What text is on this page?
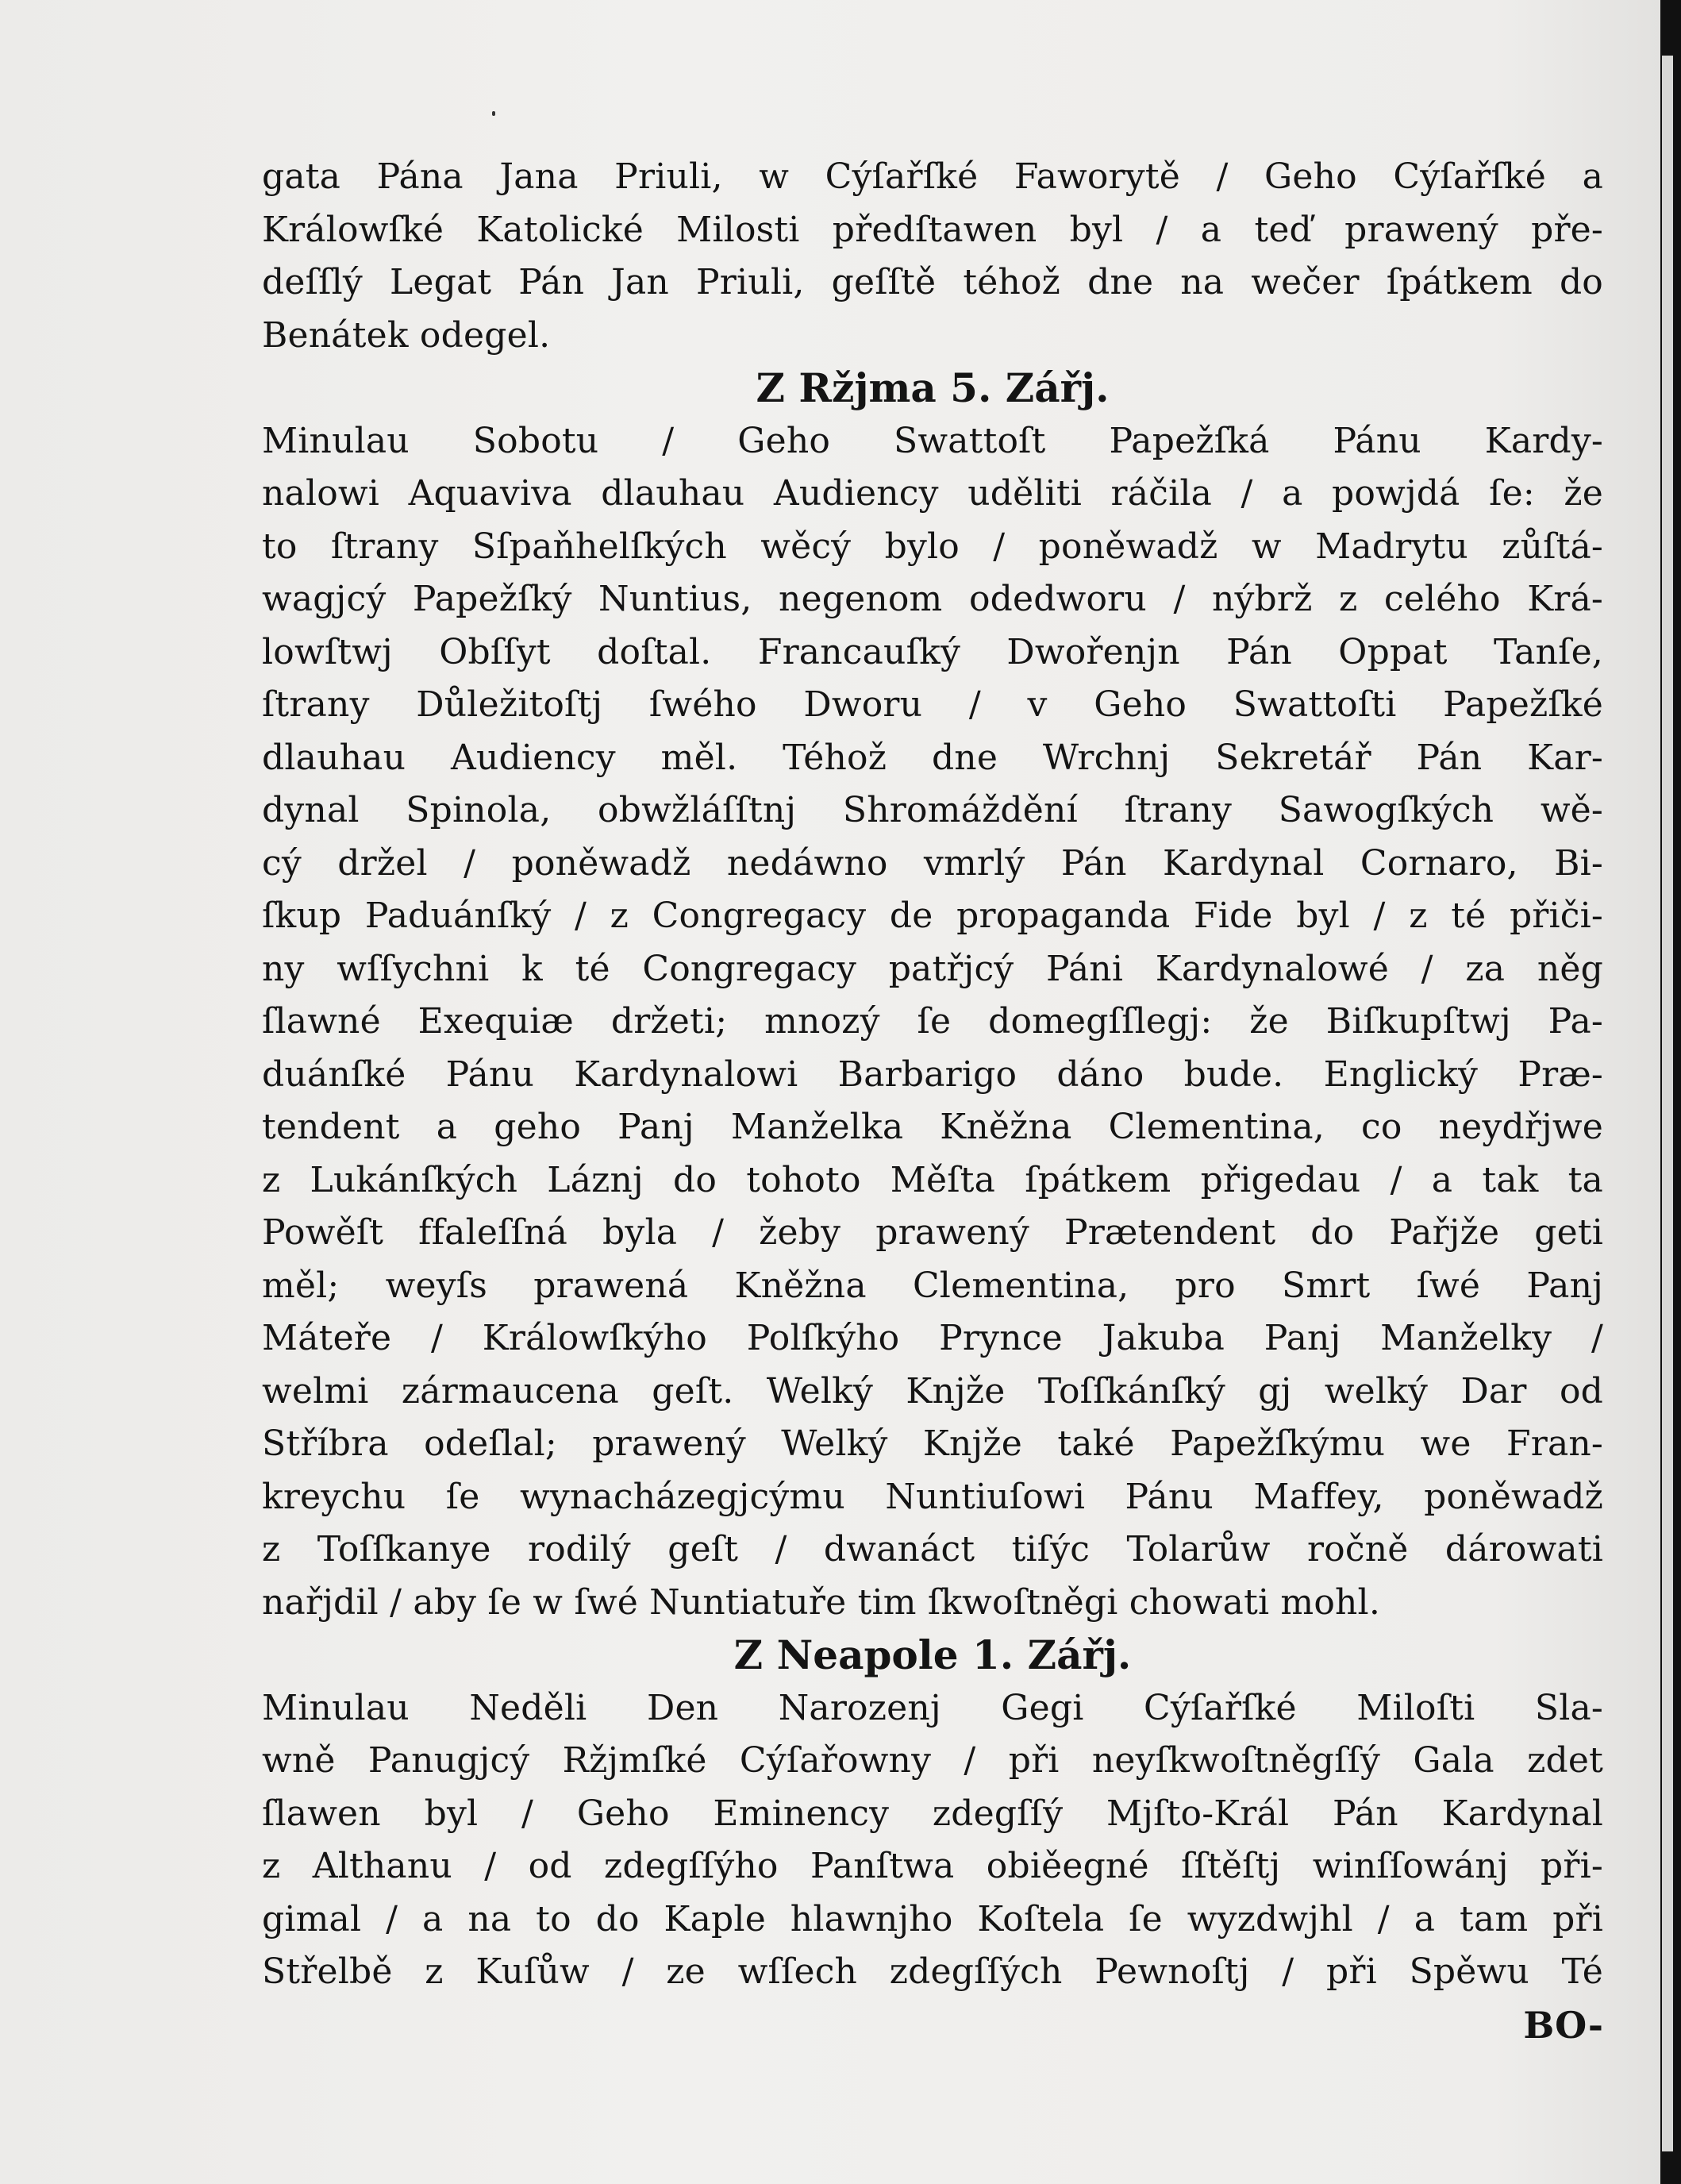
gata Pána Jana Priuli, w Cýſařſké Faworytě / Geho Cýſařſké a
Králowſké Katolické Milosti předſtawen byl / a teď prawený pře-
deſſlý Legat Pán Jan Priuli, geſſtě téhož dne na wečer ſpátkem do
Benátek odegel.
Z Ržjma 5. Zářj.
Minulau Sobotu / Geho Swattoſt Papežſká Pánu Kardy-
nalowi Aquaviva dlauhau Audiency uděliti ráčila / a powjdá ſe: že
to ſtrany Sſpaňhelſkých wěcý bylo / poněwadž w Madrytu zůſtá-
wagjcý Papežſký Nuntius, negenom odedworu / nýbrž z celého Krá-
lowſtwj Obſſyt doſtal. Francauſký Dwořenjn Pán Oppat Tanſe,
ſtrany Důležitoſtj ſwého Dworu / v Geho Swattoſti Papežſké
dlauhau Audiency měl. Téhož dne Wrchnj Sekretář Pán Kar-
dynal Spinola, obwžláſſtnj Shromáždění ſtrany Sawogſkých wě-
cý držel / poněwadž nedáwno vmrlý Pán Kardynal Cornaro, Bi-
ſkup Paduánſký / z Congregacy de propaganda Fide byl / z té přiči-
ny wſſychni k té Congregacy patřjcý Páni Kardynalowé / za něg
ſlawné Exequiæ držeti; mnozý ſe domegſſlegj: že Biſkupſtwj Pa-
duánſké Pánu Kardynalowi Barbarigo dáno bude. Englický Præ-
tendent a geho Panj Manželka Kněžna Clementina, co neydřjwe
z Lukánſkých Láznj do tohoto Měſta ſpátkem přigedau / a tak ta
Powěſt ffaleſſná byla / žeby prawený Prætendent do Pařjže geti
měl; weyſs prawená Kněžna Clementina, pro Smrt ſwé Panj
Mátеře / Králowſkýho Polſkýho Prynce Jakuba Panj Manželky /
welmi zármaucena geſt. Welký Knjže Toſſkánſký gj welký Dar od
Stříbra odeſlal; prawený Welký Knjže také Papežſkýmu we Fran-
kreychu ſe wynacházegjcýmu Nuntiuſowi Pánu Maffey, poněwadž
z Toſſkanye rodilý geſt / dwanáct tiſýc Tolarůw ročně dárowati
nařjdil / aby ſe w ſwé Nuntiatuře tim ſkwoſtněgi chowati mohl.
Z Neapole 1. Zářj.
Minulau Neděli Den Narozenj Gegi Cýſařſké Miloſti Sla-
wně Panugjcý Ržjmſké Cýſařowny / při neyſkwoſtněgſſý Gala zdet
ſlawen byl / Geho Eminency zdegſſý Mjſto-Král Pán Kardynal
z Althanu / od zdegſſýho Panſtwa obiěegné ſſtěſtj winſſowánj při-
gimal / a na to do Kaple hlawnjho Koſtela ſe wyzdwjhl / a tam při
Střelbě z Kuſůw / ze wſſech zdegſſých Pewnoſtj / při Spěwu Té
BO-
